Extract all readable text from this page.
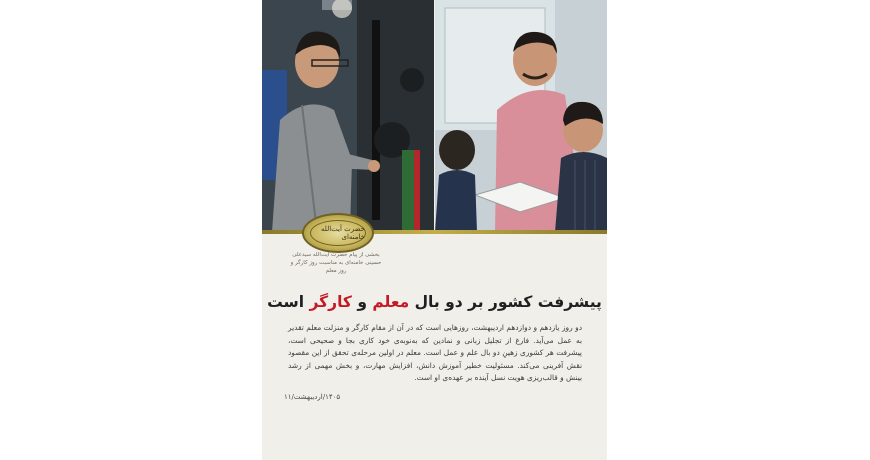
حضرت آیت‌الله خامنه‌ای
بخشی از پیام حضرت آیت‌الله سیدعلی حسینی خامنه‌ای به مناسبت روز کارگر و روز معلم
پیشرفت کشور بر دو بال معلم و کارگر است
دو روز یازدهم و دوازدهم اردیبهشت، روزهایی است که در آن از مقام کارگر و منزلت معلم تقدیر به عمل می‌آید. فارغ از تجلیل زبانی و نمادین که به‌نوبه‌ی خود کاری بجا و صحیحی است، پیشرفت هر کشوری زهینِ دو بال علم و عمل است. معلم در اولین مرحله‌ی تحقق از این مقصود نقش آفرینی می‌کند. مسئولیت خطیر آموزش دانش، افزایش مهارت، و بخش مهمی از رشد بینش و قالب‌ریزی هویت نسل آینده بر عهده‌ی او است.
۱۴۰۵/اردیبهشت/۱۱
